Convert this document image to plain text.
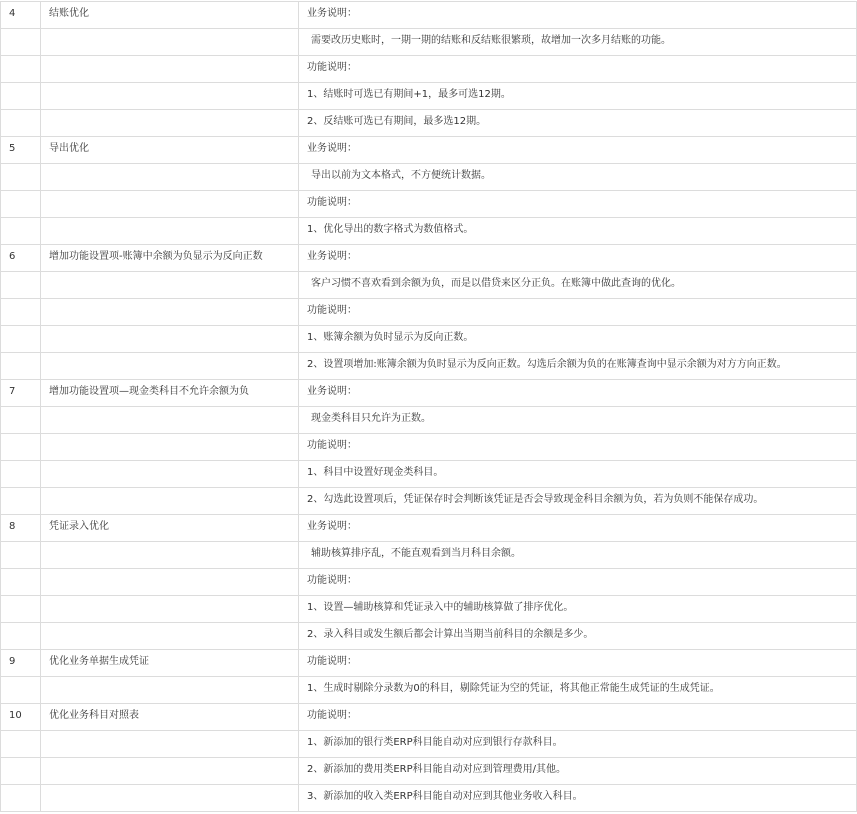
4	结账优化	业务说明：
		需要改历史账时，一期一期的结账和反结账很繁琐，故增加一次多月结账的功能。
		功能说明：
		1、结账时可选已有期间+1，最多可选12期。
		2、反结账可选已有期间，最多选12期。
5	导出优化	业务说明：
		导出以前为文本格式，不方便统计数据。
		功能说明：
		1、优化导出的数字格式为数值格式。
6	增加功能设置项-账簿中余额为负显示为反向正数	业务说明：
		客户习惯不喜欢看到余额为负，而是以借贷来区分正负。在账簿中做此查询的优化。
		功能说明：
		1、账簿余额为负时显示为反向正数。
		2、设置项增加:账簿余额为负时显示为反向正数。勾选后余额为负的在账簿查询中显示余额为对方方向正数。
7	增加功能设置项—现金类科目不允许余额为负	业务说明：
		现金类科目只允许为正数。
		功能说明：
		1、科目中设置好现金类科目。
		2、勾选此设置项后，凭证保存时会判断该凭证是否会导致现金科目余额为负，若为负则不能保存成功。
8	凭证录入优化	业务说明：
		辅助核算排序乱，不能直观看到当月科目余额。
		功能说明：
		1、设置—辅助核算和凭证录入中的辅助核算做了排序优化。
		2、录入科目或发生额后都会计算出当期当前科目的余额是多少。
9	优化业务单据生成凭证	功能说明：
		1、生成时剔除分录数为0的科目，剔除凭证为空的凭证，将其他正常能生成凭证的生成凭证。
10	优化业务科目对照表	功能说明：
		1、新添加的银行类ERP科目能自动对应到银行存款科目。
		2、新添加的费用类ERP科目能自动对应到管理费用/其他。
		3、新添加的收入类ERP科目能自动对应到其他业务收入科目。
